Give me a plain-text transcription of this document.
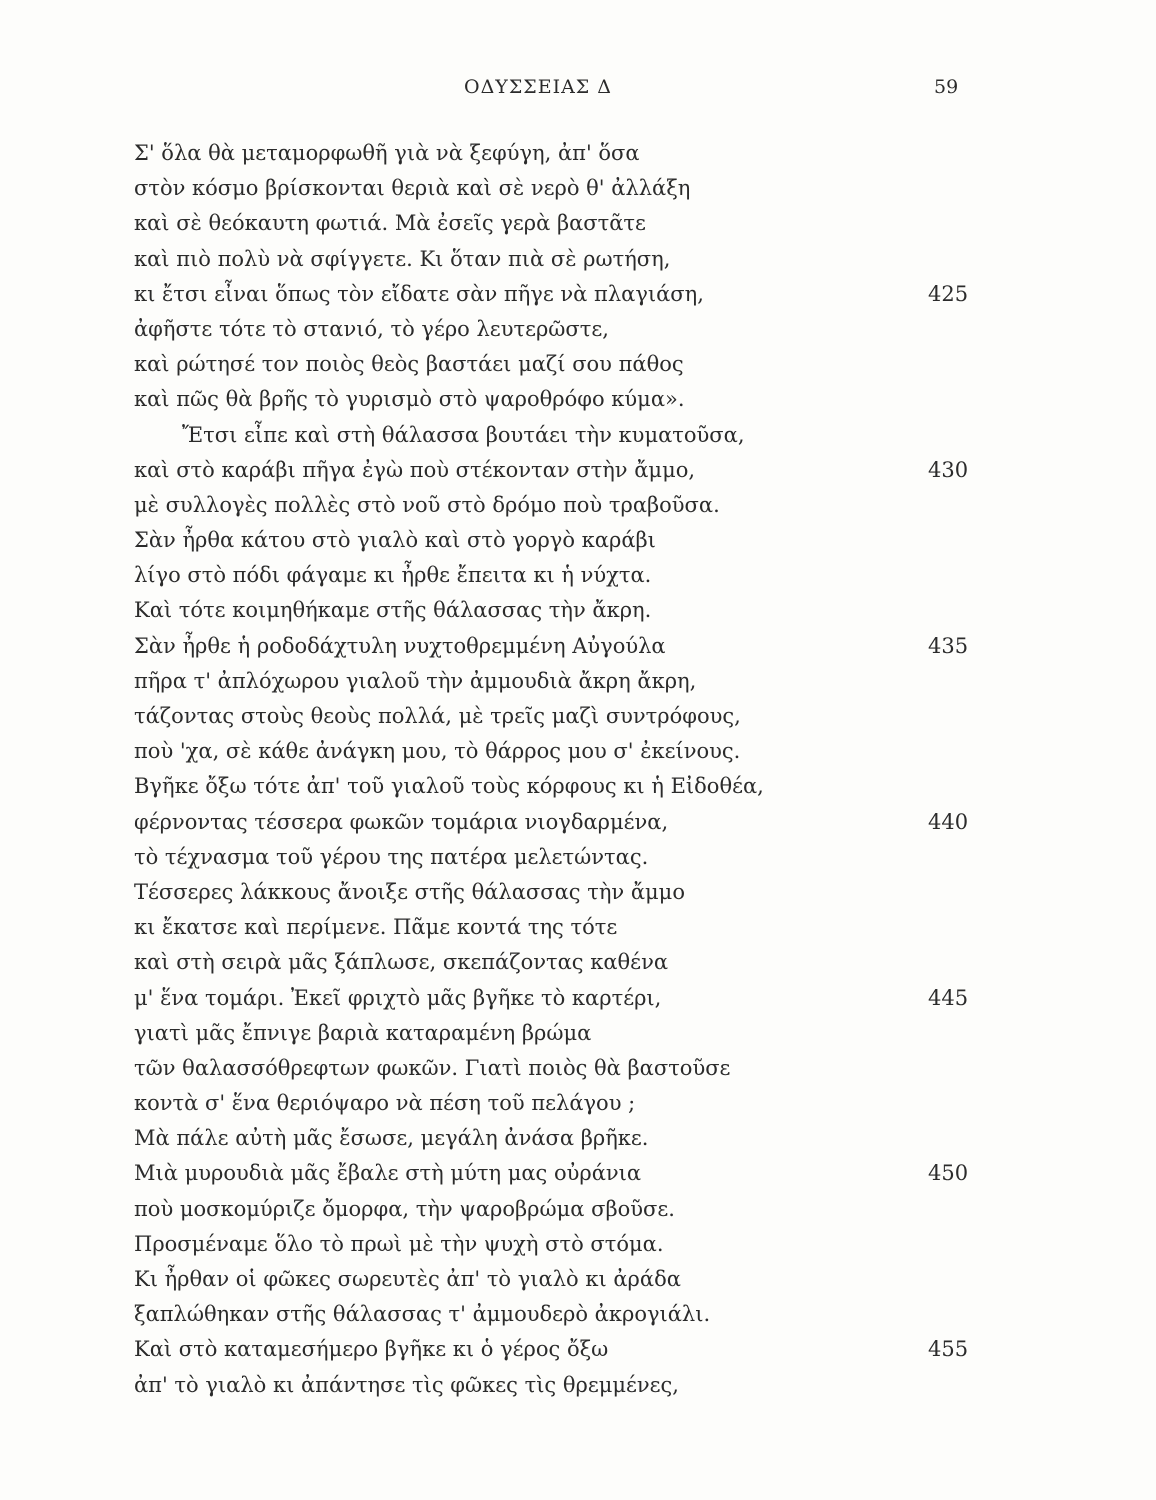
ΟΔΥΣΣΕΙΑΣ Δ	59
Σ' ὅλα θὰ μεταμορφωθῆ γιὰ νὰ ξεφύγη, ἀπ' ὅσα
στὸν κόσμο βρίσκονται θεριὰ καὶ σὲ νερὸ θ' ἀλλάξη
καὶ σὲ θεόκαυτη φωτιά. Μὰ ἐσεῖς γερὰ βαστᾶτε
καὶ πιὸ πολὺ νὰ σφίγγετε. Κι ὅταν πιὰ σὲ ρωτήση,
κι ἔτσι εἶναι ὅπως τὸν εἴδατε σὰν πῆγε νὰ πλαγιάση,	425
ἀφῆστε τότε τὸ στανιό, τὸ γέρο λευτερῶστε,
καὶ ρώτησέ τον ποιὸς θεὸς βαστάει μαζί σου πάθος
καὶ πῶς θὰ βρῆς τὸ γυρισμὸ στὸ ψαροθρόφο κύμα».
Ἔτσι εἶπε καὶ στὴ θάλασσα βουτάει τὴν κυματοῦσα,
καὶ στὸ καράβι πῆγα ἐγὼ ποὺ στέκονταν στὴν ἄμμο,	430
μὲ συλλογὲς πολλὲς στὸ νοῦ στὸ δρόμο ποὺ τραβοῦσα.
Σὰν ἦρθα κάτου στὸ γιαλὸ καὶ στὸ γοργὸ καράβι
λίγο στὸ πόδι φάγαμε κι ἦρθε ἔπειτα κι ἡ νύχτα.
Καὶ τότε κοιμηθήκαμε στῆς θάλασσας τὴν ἄκρη.
Σὰν ἦρθε ἡ ροδοδάχτυλη νυχτοθρεμμένη Αὐγούλα	435
πῆρα τ' ἀπλόχωρου γιαλοῦ τὴν ἀμμουδιὰ ἄκρη ἄκρη,
τάζοντας στοὺς θεοὺς πολλά, μὲ τρεῖς μαζὶ συντρόφους,
ποὺ 'χα, σὲ κάθε ἀνάγκη μου, τὸ θάρρος μου σ' ἐκείνους.
Βγῆκε ὄξω τότε ἀπ' τοῦ γιαλοῦ τοὺς κόρφους κι ἡ Εἰδοθέα,
φέρνοντας τέσσερα φωκῶν τομάρια νιογδαρμένα,	440
τὸ τέχνασμα τοῦ γέρου της πατέρα μελετώντας.
Τέσσερες λάκκους ἄνοιξε στῆς θάλασσας τὴν ἄμμο
κι ἔκατσε καὶ περίμενε. Πᾶμε κοντά της τότε
καὶ στὴ σειρὰ μᾶς ξάπλωσε, σκεπάζοντας καθένα
μ' ἕνα τομάρι. Ἐκεῖ φριχτὸ μᾶς βγῆκε τὸ καρτέρι,	445
γιατὶ μᾶς ἔπνιγε βαριὰ καταραμένη βρώμα
τῶν θαλασσόθρεφτων φωκῶν. Γιατὶ ποιὸς θὰ βαστοῦσε
κοντὰ σ' ἕνα θεριόψαρο νὰ πέση τοῦ πελάγου ;
Μὰ πάλε αὐτὴ μᾶς ἔσωσε, μεγάλη ἀνάσα βρῆκε.
Μιὰ μυρουδιὰ μᾶς ἔβαλε στὴ μύτη μας οὐράνια	450
ποὺ μοσκομύριζε ὄμορφα, τὴν ψαροβρώμα σβοῦσε.
Προσμέναμε ὅλο τὸ πρωὶ μὲ τὴν ψυχὴ στὸ στόμα.
Κι ἦρθαν οἱ φῶκες σωρευτὲς ἀπ' τὸ γιαλὸ κι ἀράδα
ξαπλώθηκαν στῆς θάλασσας τ' ἀμμουδερὸ ἀκρογιάλι.
Καὶ στὸ καταμεσήμερο βγῆκε κι ὁ γέρος ὄξω	455
ἀπ' τὸ γιαλὸ κι ἀπάντησε τὶς φῶκες τὶς θρεμμένες,
